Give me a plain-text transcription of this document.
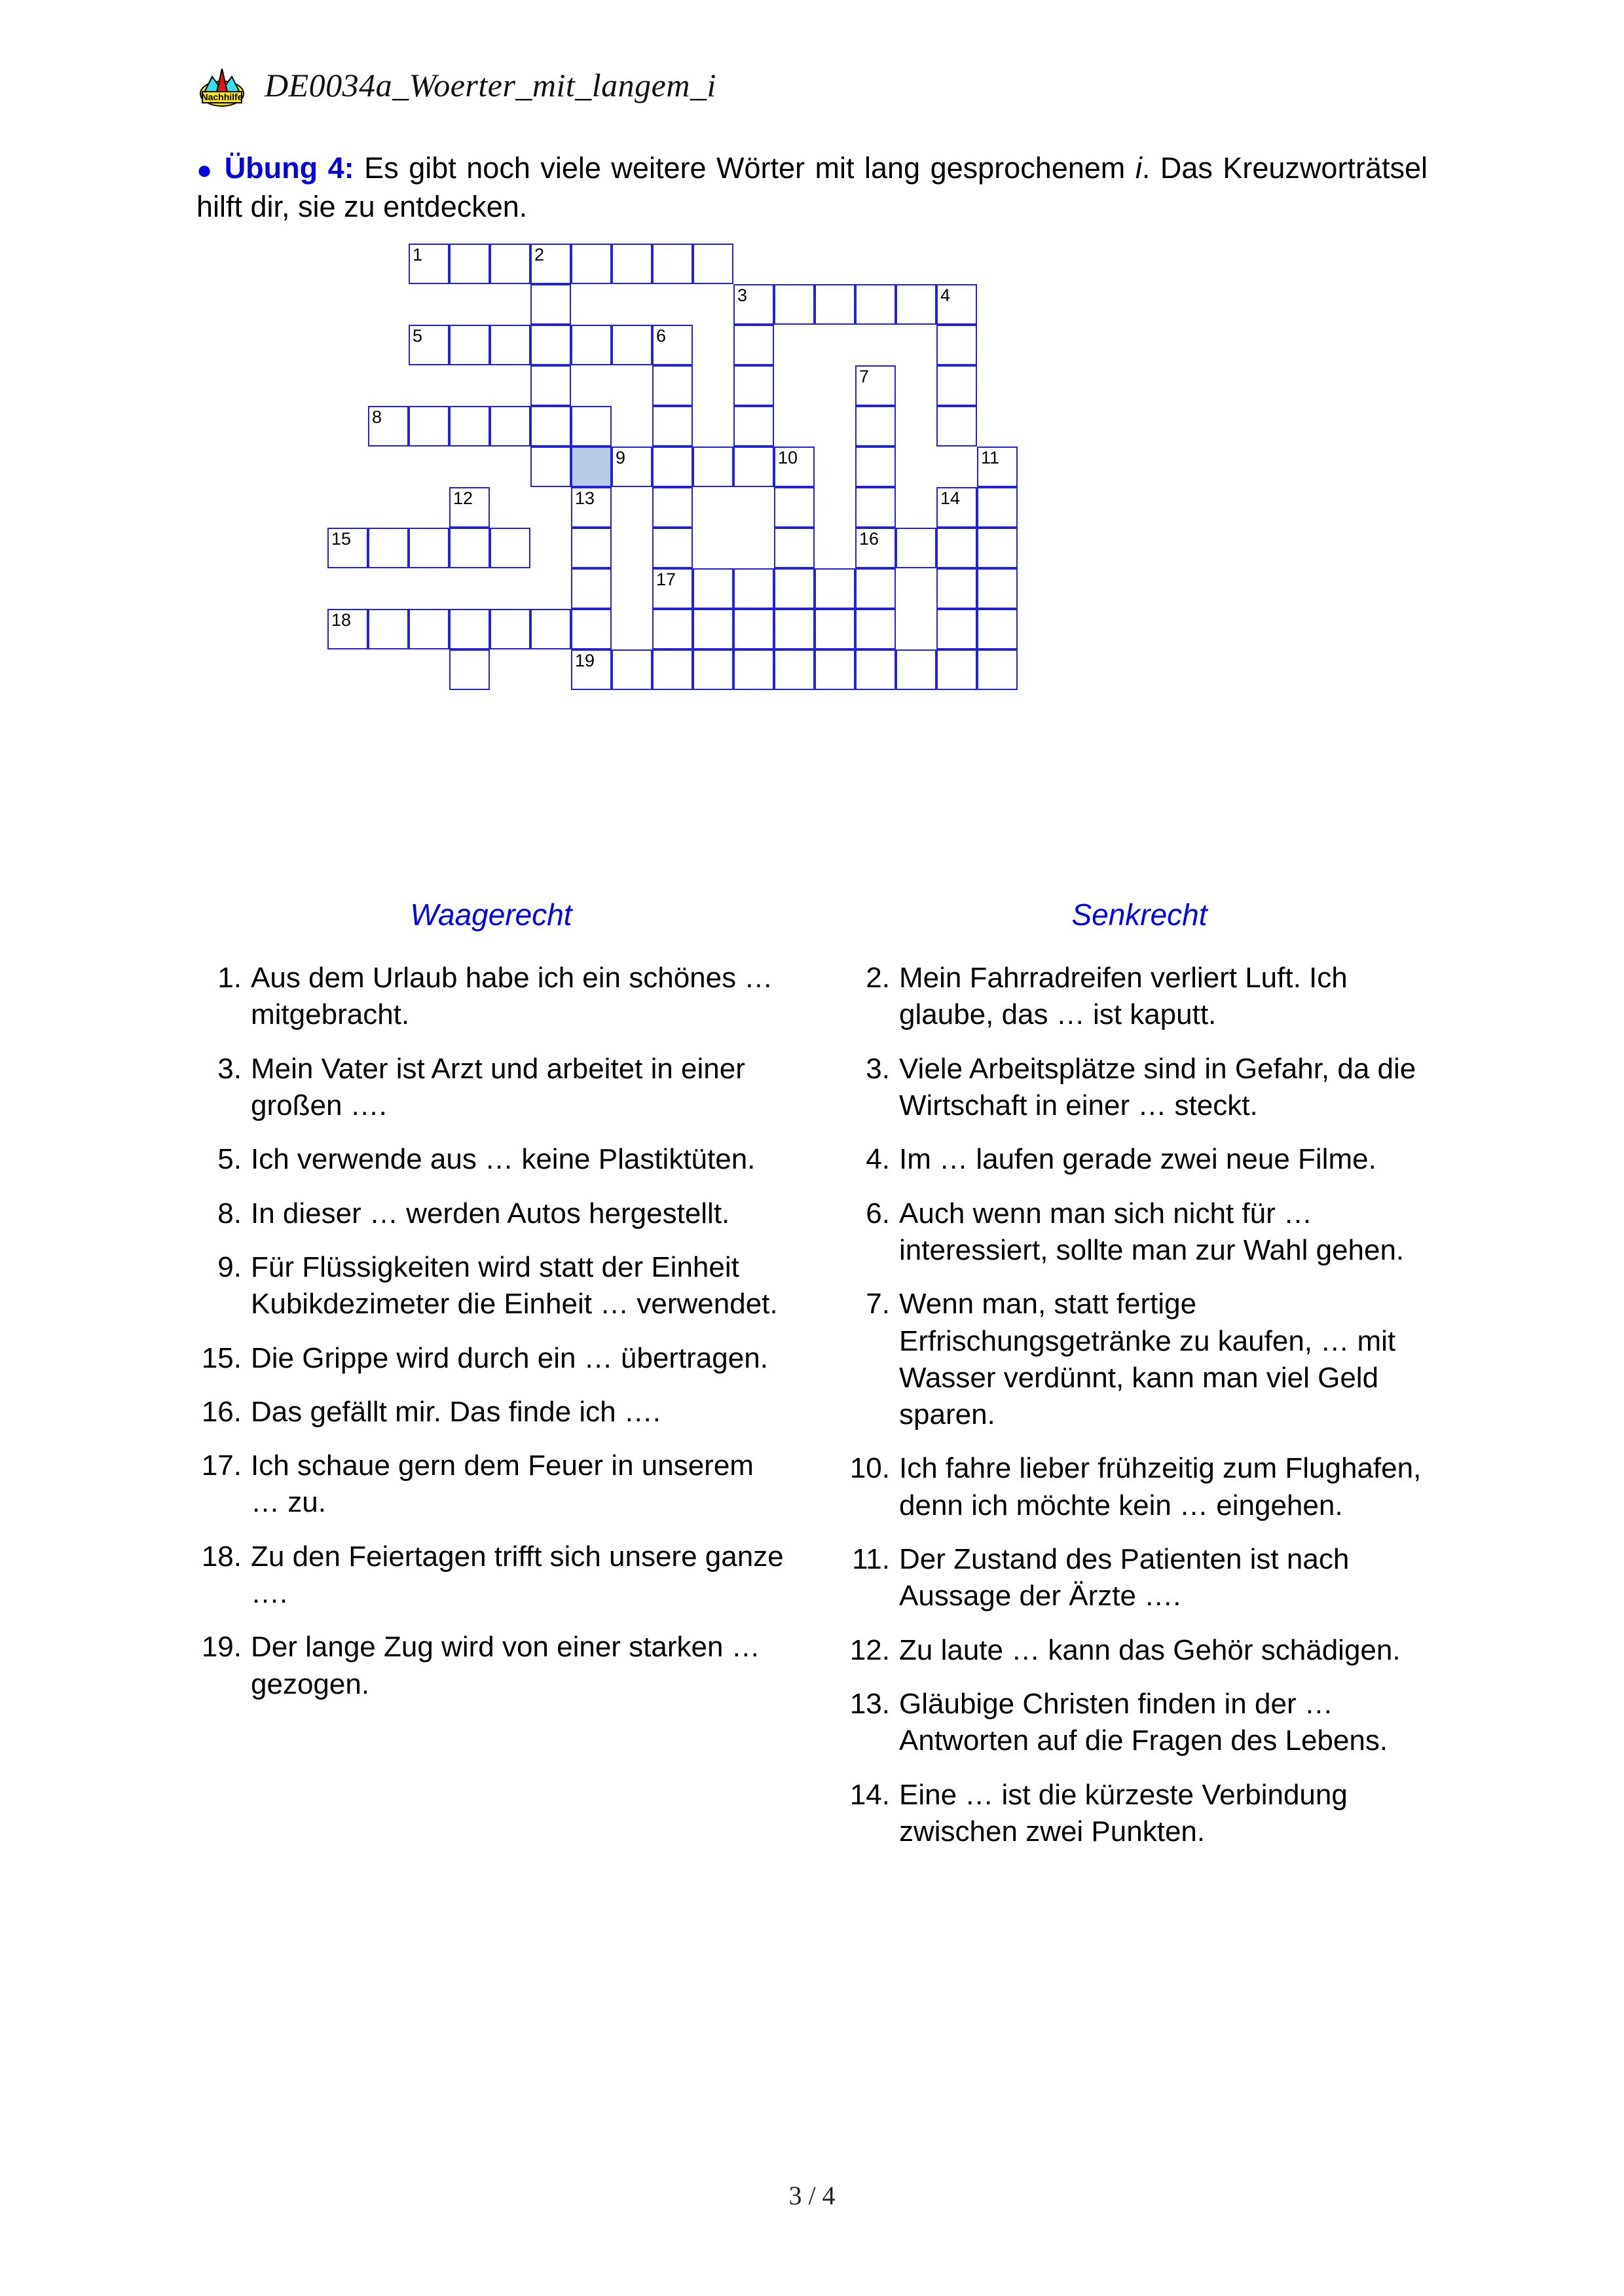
Nachhilfe DE0034a_Woerter_mit_langem_i
● Übung 4: Es gibt noch viele weitere Wörter mit lang gesprochenem i. Das Kreuzworträtsel hilft dir, sie zu entdecken.
1	2
3	4
5	6
7
8
9	10	11
12	13	14
15	16
17
18
19
Waagerecht
1. Aus dem Urlaub habe ich ein schönes … mitgebracht.
3. Mein Vater ist Arzt und arbeitet in einer großen ….
5. Ich verwende aus … keine Plastiktüten.
8. In dieser … werden Autos hergestellt.
9. Für Flüssigkeiten wird statt der Einheit Kubikdezimeter die Einheit … verwendet.
15. Die Grippe wird durch ein … übertragen.
16. Das gefällt mir. Das finde ich ….
17. Ich schaue gern dem Feuer in unserem … zu.
18. Zu den Feiertagen trifft sich unsere ganze ….
19. Der lange Zug wird von einer starken … gezogen.
Senkrecht
2. Mein Fahrradreifen verliert Luft. Ich glaube, das … ist kaputt.
3. Viele Arbeitsplätze sind in Gefahr, da die Wirtschaft in einer … steckt.
4. Im … laufen gerade zwei neue Filme.
6. Auch wenn man sich nicht für … interessiert, sollte man zur Wahl gehen.
7. Wenn man, statt fertige Erfrischungsgetränke zu kaufen, … mit Wasser verdünnt, kann man viel Geld sparen.
10. Ich fahre lieber frühzeitig zum Flughafen, denn ich möchte kein … eingehen.
11. Der Zustand des Patienten ist nach Aussage der Ärzte ….
12. Zu laute … kann das Gehör schädigen.
13. Gläubige Christen finden in der … Antworten auf die Fragen des Lebens.
14. Eine … ist die kürzeste Verbindung zwischen zwei Punkten.
3 / 4
